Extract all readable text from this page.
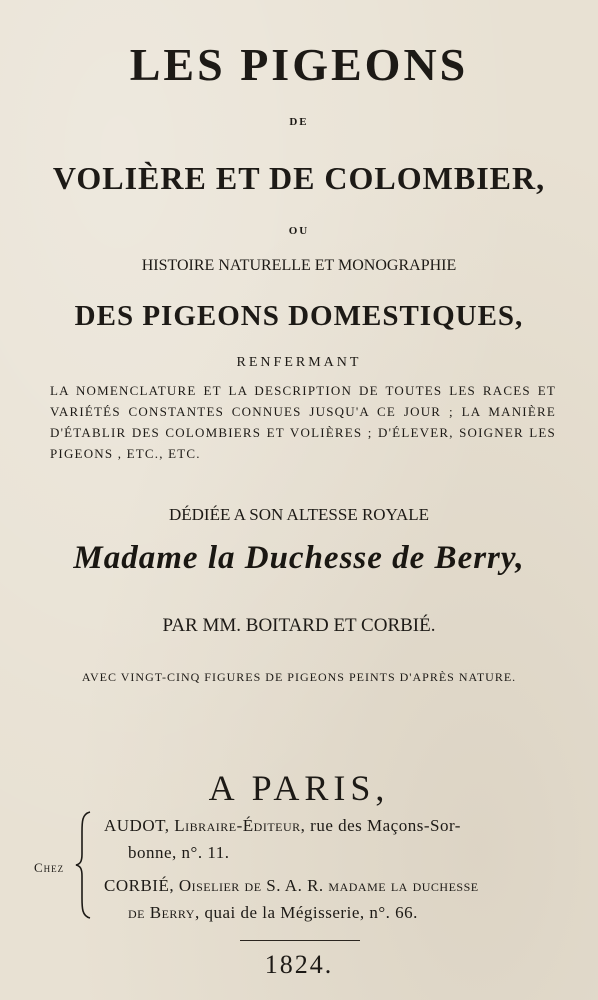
LES PIGEONS
DE
VOLIÈRE ET DE COLOMBIER,
OU
HISTOIRE NATURELLE ET MONOGRAPHIE
DES PIGEONS DOMESTIQUES,
RENFERMANT
LA NOMENCLATURE ET LA DESCRIPTION DE TOUTES LES RACES ET VARIÉTÉS CONSTANTES CONNUES JUSQU'A CE JOUR ; LA MANIÈRE D'ÉTABLIR DES COLOMBIERS ET VOLIÈRES ; D'ÉLEVER, SOIGNER LES PIGEONS , ETC., ETC.
DÉDIÉE A SON ALTESSE ROYALE
Madame la Duchesse de Berry,
PAR MM. BOITARD ET CORBIÉ.
AVEC VINGT-CINQ FIGURES DE PIGEONS PEINTS D'APRÈS NATURE.
A PARIS,
Chez
AUDOT, Libraire-Éditeur, rue des Maçons-Sor-
bonne, n°. 11.
CORBIÉ, Oiselier de S. A. R. madame la duchesse
de Berry, quai de la Mégisserie, n°. 66.
1824.
